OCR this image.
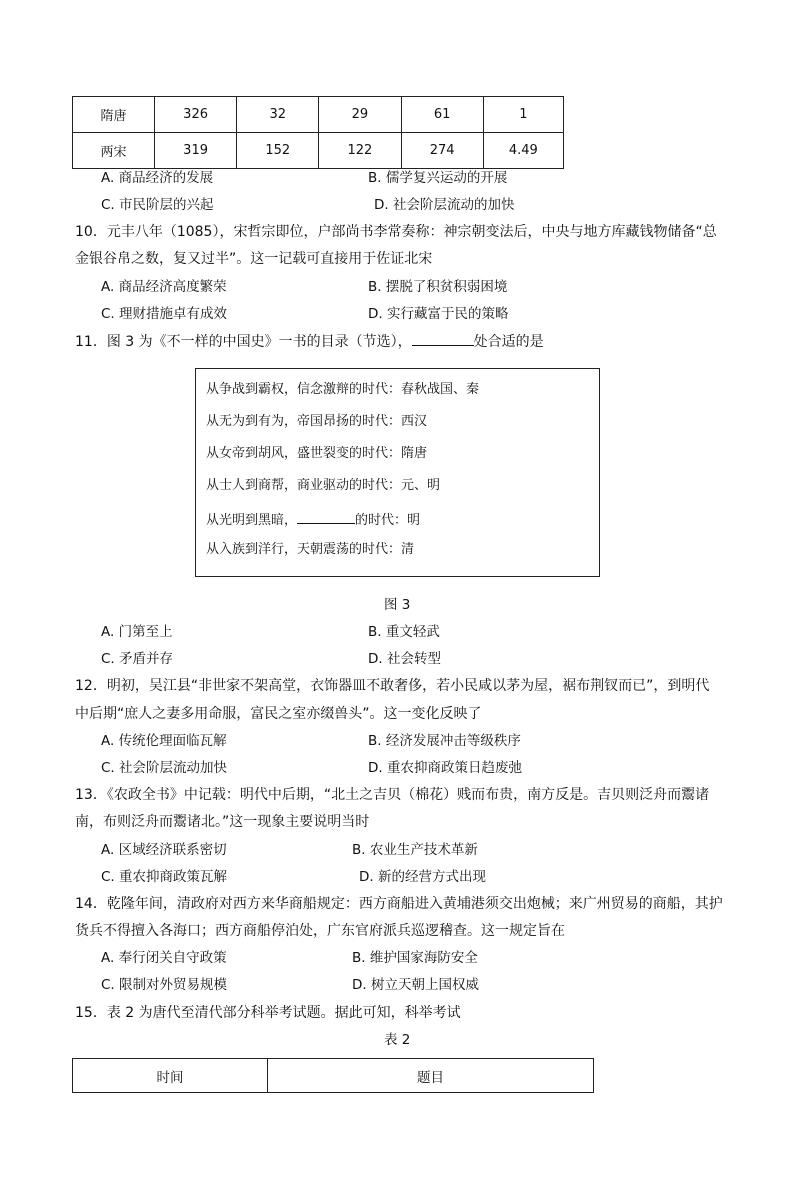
隋唐	326	32	29	61	1
两宋	319	152	122	274	4.49
A. 商品经济的发展	B. 儒学复兴运动的开展
C. 市民阶层的兴起	D. 社会阶层流动的加快
10．元丰八年（1085），宋哲宗即位，户部尚书李常奏称：神宗朝变法后，中央与地方库藏钱物储备“总
金银谷帛之数，复又过半”。这一记载可直接用于佐证北宋
A. 商品经济高度繁荣	B. 摆脱了积贫积弱困境
C. 理财措施卓有成效	D. 实行藏富于民的策略
11．图 3 为《不一样的中国史》一书的目录（节选），	处合适的是
从争战到霸权，信念激辩的时代：春秋战国、秦
从无为到有为，帝国昂扬的时代：西汉
从女帝到胡风，盛世裂变的时代：隋唐
从士人到商帮，商业驱动的时代：元、明
从光明到黑暗，	的时代：明
从入族到洋行，天朝震荡的时代：清
图 3
A. 门第至上	B. 重文轻武
C. 矛盾并存	D. 社会转型
12．明初，吴江县“非世家不架高堂，衣饰器皿不敢奢侈，若小民咸以茅为屋，裾布荆钗而已”，到明代
中后期“庶人之妻多用命服，富民之室亦缀兽头”。这一变化反映了
A. 传统伦理面临瓦解	B. 经济发展冲击等级秩序
C. 社会阶层流动加快	D. 重农抑商政策日趋废弛
13．《农政全书》中记载：明代中后期，“北土之吉贝（棉花）贱而布贵，南方反是。吉贝则泛舟而鬻诸
南，布则泛舟而鬻诸北。”这一现象主要说明当时
A. 区域经济联系密切	B. 农业生产技术革新
C. 重农抑商政策瓦解	D. 新的经营方式出现
14．乾隆年间，清政府对西方来华商船规定：西方商船进入黄埔港须交出炮械；来广州贸易的商船，其护
货兵不得擅入各海口；西方商船停泊处，广东官府派兵巡逻稽查。这一规定旨在
A. 奉行闭关自守政策	B. 维护国家海防安全
C. 限制对外贸易规模	D. 树立天朝上国权威
15．表 2 为唐代至清代部分科举考试题。据此可知，科举考试
表 2
时间	题目
